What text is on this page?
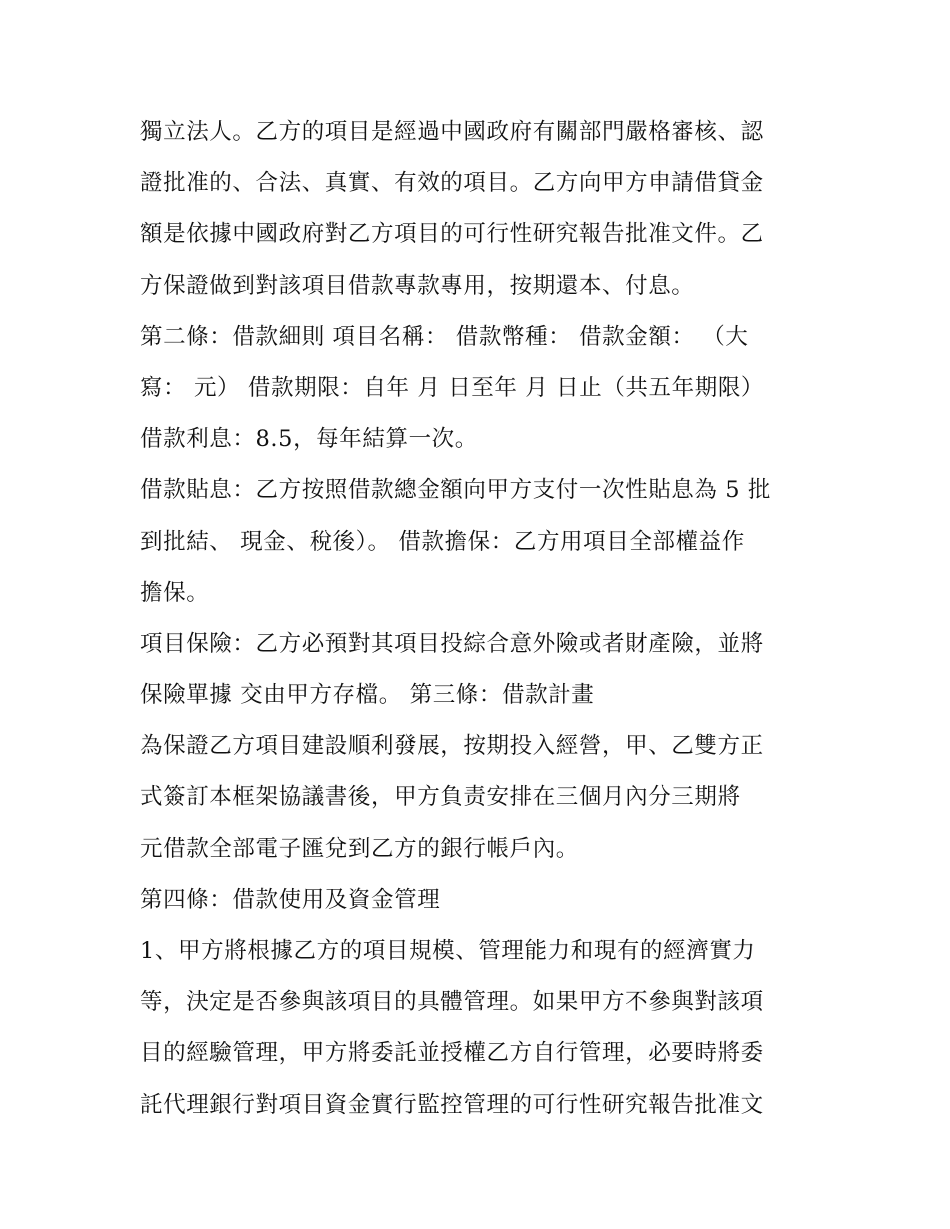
獨立法人。乙方的項目是經過中國政府有關部門嚴格審核、認
證批准的、合法、真實、有效的項目。乙方向甲方申請借貸金
額是依據中國政府對乙方項目的可行性研究報告批准文件。乙
方保證做到對該項目借款專款專用，按期還本、付息。
第二條：借款細則 項目名稱： 借款幣種： 借款金額： （大
寫： 元） 借款期限：自年 月 日至年 月 日止（共五年期限）
借款利息：8.5，每年結算一次。
借款貼息：乙方按照借款總金額向甲方支付一次性貼息為 5 批
到批結、 現金、稅後）。 借款擔保：乙方用項目全部權益作
擔保。
項目保險：乙方必預對其項目投綜合意外險或者財產險，並將
保險單據 交由甲方存檔。 第三條：借款計畫
為保證乙方項目建設順利發展，按期投入經營，甲、乙雙方正
式簽訂本框架協議書後，甲方負责安排在三個月內分三期將
元借款全部電子匯兌到乙方的銀行帳戶內。
第四條：借款使用及資金管理
1、甲方將根據乙方的項目規模、管理能力和現有的經濟實力
等，決定是否參與該項目的具體管理。如果甲方不參與對該項
目的經驗管理，甲方將委託並授權乙方自行管理，必要時將委
託代理銀行對項目資金實行監控管理的可行性研究報告批准文
